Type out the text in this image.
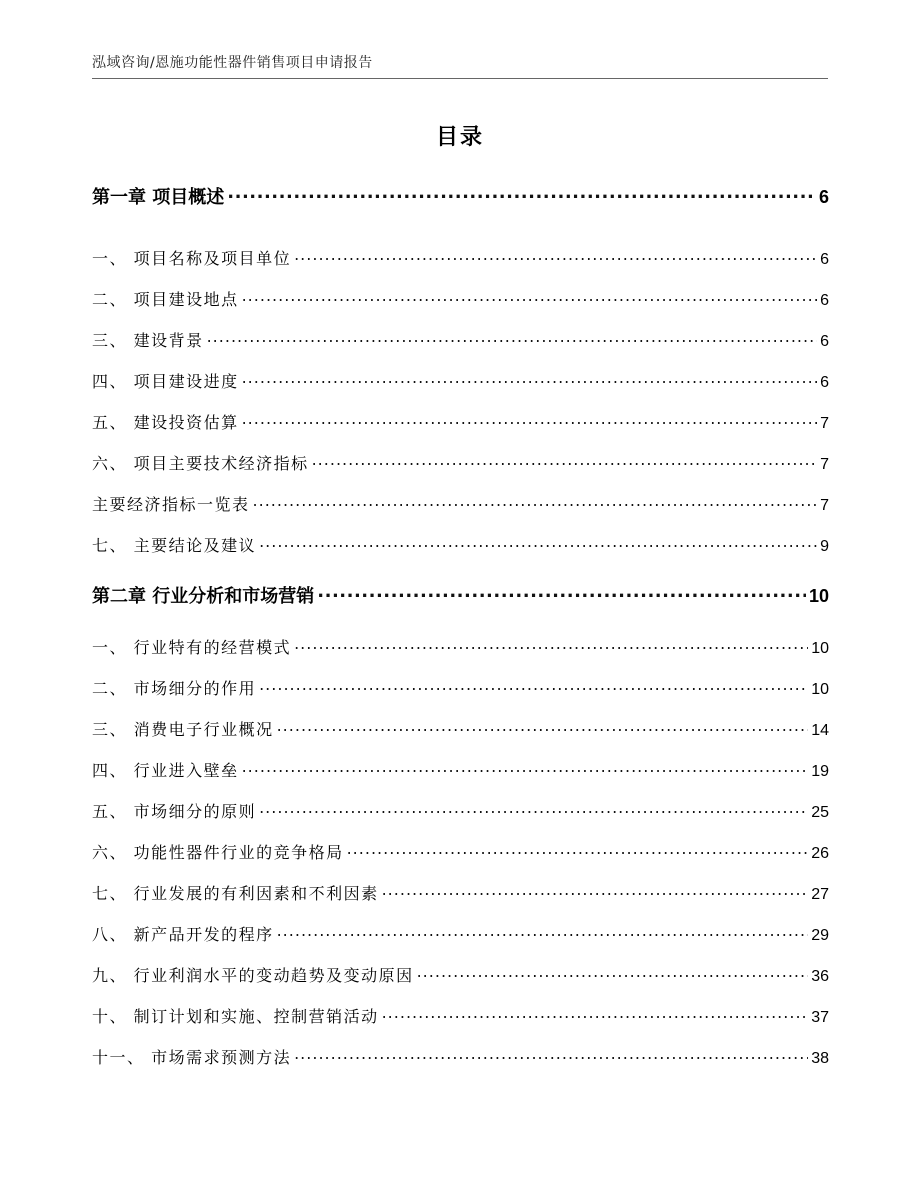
泓域咨询/恩施功能性器件销售项目申请报告
目录
第一章 项目概述 .....	6
一、 项目名称及项目单位 .....	6
二、 项目建设地点 .....	6
三、 建设背景 .....	6
四、 项目建设进度 .....	6
五、 建设投资估算 .....	7
六、 项目主要技术经济指标 .....	7
主要经济指标一览表 .....	7
七、 主要结论及建议 .....	9
第二章 行业分析和市场营销 .....	10
一、 行业特有的经营模式 .....	10
二、 市场细分的作用 .....	10
三、 消费电子行业概况 .....	14
四、 行业进入壁垒 .....	19
五、 市场细分的原则 .....	25
六、 功能性器件行业的竞争格局 .....	26
七、 行业发展的有利因素和不利因素 .....	27
八、 新产品开发的程序 .....	29
九、 行业利润水平的变动趋势及变动原因 .....	36
十、 制订计划和实施、控制营销活动 .....	37
十一、 市场需求预测方法 .....	38
